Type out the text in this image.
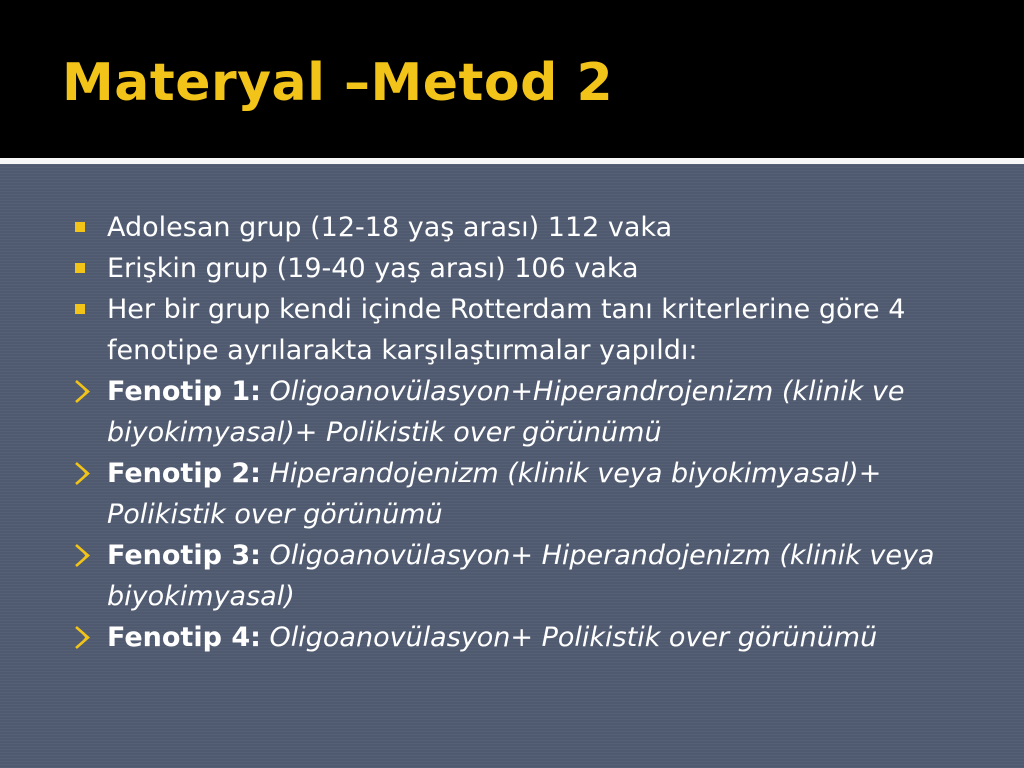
Materyal –Metod 2
Adolesan grup (12-18 yaş arası) 112 vaka
Erişkin grup (19-40 yaş arası) 106 vaka
Her bir grup kendi içinde Rotterdam tanı kriterlerine göre 4 fenotipe ayrılarakta karşılaştırmalar yapıldı:
Fenotip 1: Oligoanovülasyon+Hiperandrojenizm (klinik ve biyokimyasal)+ Polikistik over görünümü
Fenotip 2: Hiperandojenizm (klinik veya biyokimyasal)+ Polikistik over görünümü
Fenotip 3: Oligoanovülasyon+ Hiperandojenizm (klinik veya biyokimyasal)
Fenotip 4: Oligoanovülasyon+ Polikistik over görünümü
